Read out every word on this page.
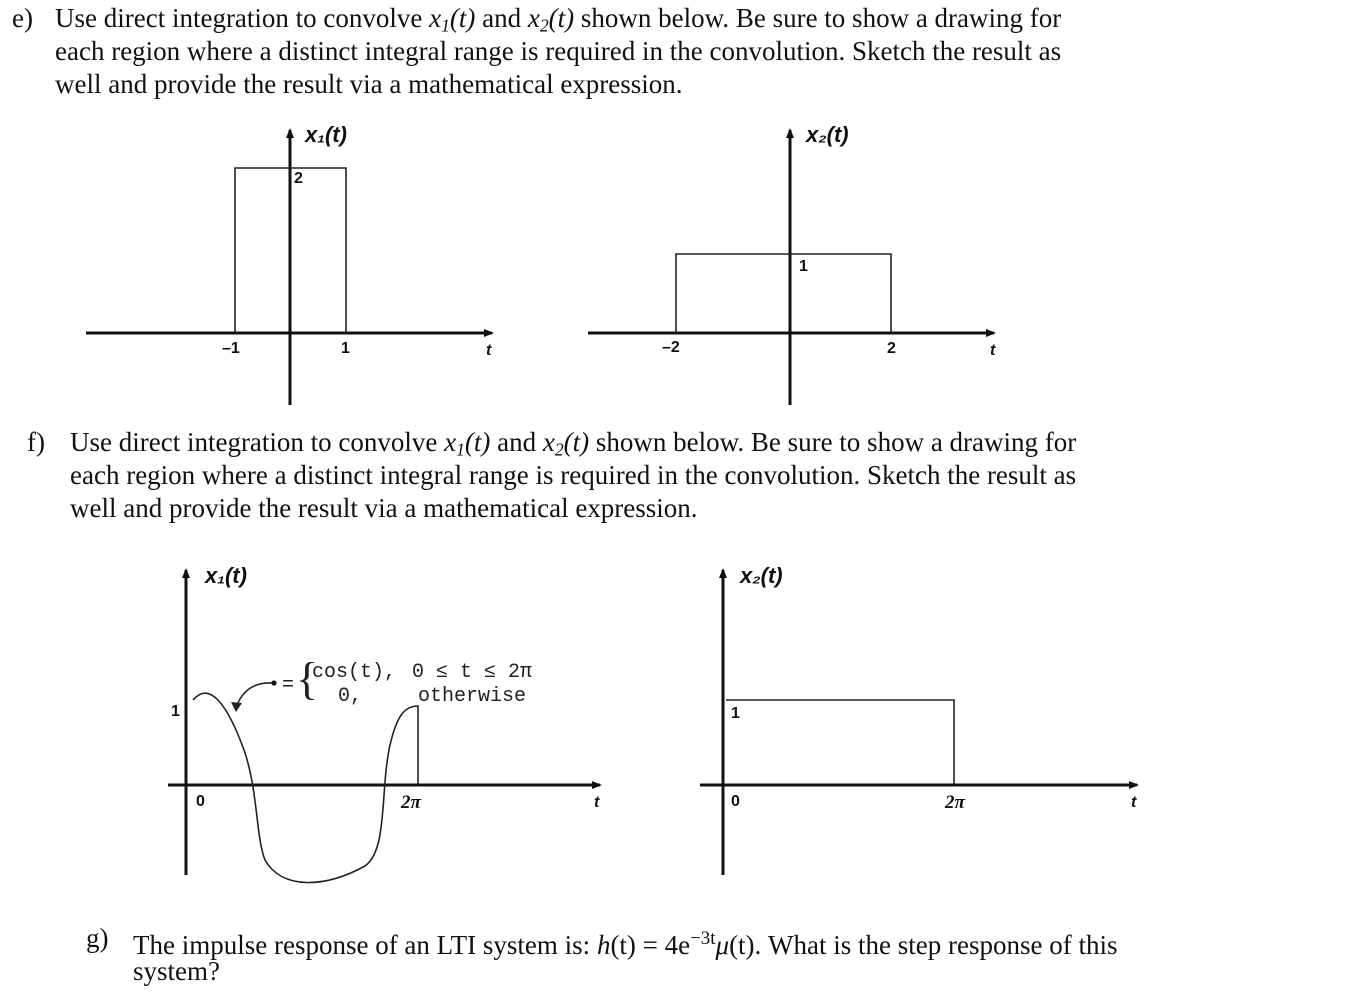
e) Use direct integration to convolve $x_1(t)$ and $x_2(t)$ shown below. Be sure to show a drawing for
each region where a distinct integral range is required in the convolution. Sketch the result as
well and provide the result via a mathematical expression.
f) Use direct integration to convolve $x_1(t)$ and $x_2(t)$ shown below. Be sure to show a drawing for
each region where a distinct integral range is required in the convolution. Sketch the result as
well and provide the result via a mathematical expression.
g) The impulse response of an LTI system is: $h(t) = 4e^{-3t}\mu(t)$. What is the step response of this
system?
x₁(t)
2
–1	1	t
x₂(t)
1
–2	2	t
x₁(t)
= {
cos(t), 0 ≤ t ≤ 2π
0,	otherwise
1
0	2π	t
x₂(t)
1
0	2π	t
